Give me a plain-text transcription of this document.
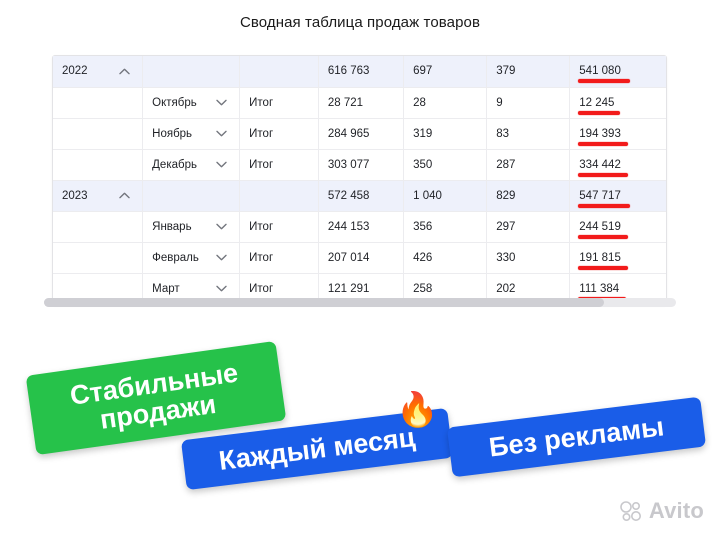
Сводная таблица продаж товаров
2022			616 763	697	379	541 080

	Октябрь	Итог	28 721	28	9	12 245

	Ноябрь	Итог	284 965	319	83	194 393

	Декабрь	Итог	303 077	350	287	334 442

2023			572 458	1 040	829	547 717

	Январь	Итог	244 153	356	297	244 519

	Февраль	Итог	207 014	426	330	191 815

	Март	Итог	121 291	258	202	111 384
Стабильные
продажи
Каждый месяц
🔥
Без рекламы
Avito
